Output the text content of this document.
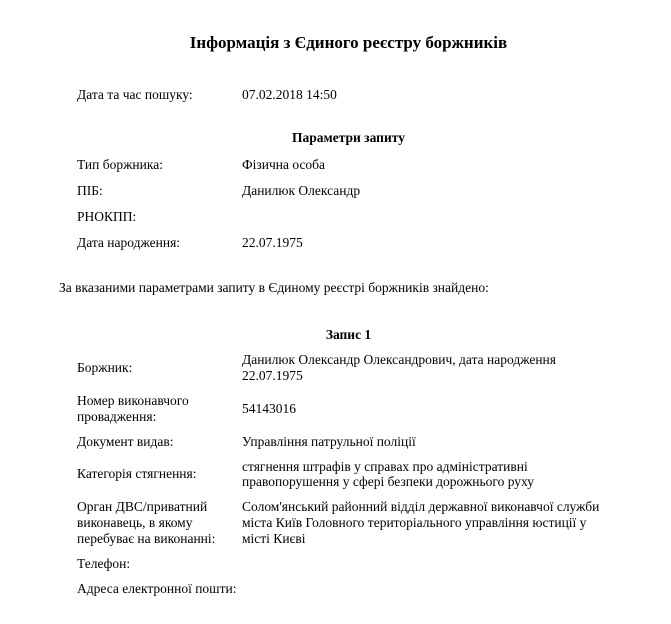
Інформація з Єдиного реєстру боржників
Дата та час пошуку:	07.02.2018 14:50
Параметри запиту
Тип боржника:	Фізична особа
ПІБ:	Данилюк Олександр
РНОКПП:
Дата народження:	22.07.1975

За вказаними параметрами запиту в Єдиному реєстрі боржників знайдено:

Запис 1
Боржник:
Данилюк Олександр Олександрович, дата народження 22.07.1975
Номер виконавчого провадження:
54143016
Документ видав:	Управління патрульної поліції
Категорія стягнення:
стягнення штрафів у справах про адміністративні правопорушення у сфері безпеки дорожнього руху
Орган ДВС/приватний виконавець, в якому перебуває на виконанні:
Солом'янський районний відділ державної виконавчої служби міста Київ Головного територіального управління юстиції у місті Києві
Телефон:
Адреса електронної пошти:
